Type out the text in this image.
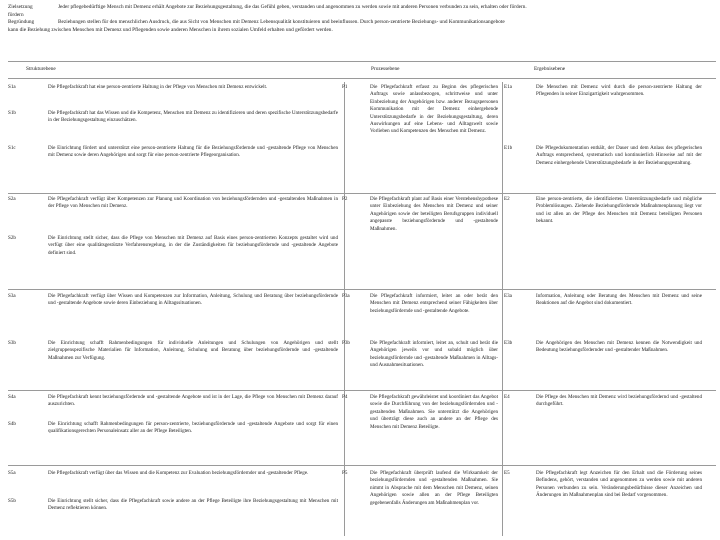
Zielsetzung	Jeder pflegebedürftige Mensch mit Demenz erhält Angebote zur Beziehungsgestaltung, die das Gefühl geben, verstanden und angenommen zu werden sowie mit anderen Personen verbunden zu sein, erhalten oder fördern.
fördern
Begründung	Beziehungen stellen für den menschlichen Ausdruck, die aus Sicht von Menschen mit Demenz Lebensqualität konstituieren und beeinflussen. Durch person-zentrierte Beziehungs- und Kommunikationsangebote
kann die Beziehung zwischen Menschen mit Demenz und Pflegenden sowie anderen Menschen in ihrem sozialen Umfeld erhalten und gefördert werden.
Strukturebene	Prozessebene	Ergebnisebene
S1a	Die Pflegefachkraft hat eine person-zentrierte Haltung in der Pflege von Menschen mit Demenz entwickelt.	P1	Die Pflegefachkraft erfasst zu Beginn des pflegerischen Auftrags sowie anlassbezogen, schrittweise und unter Einbeziehung der Angehörigen bzw. anderer Bezugspersonen Kommunikation mit der Demenz einhergehende Unterstützungsbedarfe in der Beziehungsgestaltung, deren Auswirkungen auf eine Lebens- und Alltagswelt sowie Vorlieben und Kompetenzen des Menschen mit Demenz.
E1a	Die Menschen mit Demenz wird durch die person-zentrierte Haltung der Pflegenden in seiner Einzigartigkeit wahrgenommen.
S1b	Die Pflegefachkraft hat das Wissen und die Kompetenz, Menschen mit Demenz zu identifizieren und deren spezifische Unterstützungsbedarfe in der Beziehungsgestaltung einzuschätzen.
S1c	Die Einrichtung fördert und unterstützt eine person-zentrierte Haltung für die Beziehungsfördernde und -gestaltende Pflege von Menschen mit Demenz sowie deren Angehörigen und sorgt für eine person-zentrierte Pflegeorganisation.
E1b	Die Pflegedokumentation enthält, der Dauer und dem Anlass des pflegerischen Auftrags entsprechend, systematisch und kontinuierlich Hinweise auf mit der Demenz einhergehende Unterstützungsbedarfe in der Beziehungsgestaltung.
S2a	Die Pflegefachkraft verfügt über Kompetenzen zur Planung und Koordination von beziehungsfördernden und -gestaltenden Maßnahmen in der Pflege von Menschen mit Demenz.
P2	Die Pflegefachkraft plant auf Basis einer Verstehenshypothese unter Einbeziehung des Menschen mit Demenz und seiner Angehörigen sowie der beteiligten Berufsgruppen individuell angepasste beziehungsfördernde und -gestaltende Maßnahmen.
E2	Eine person-zentrierte, die identifizierten Unterstützungsbedarfe und mögliche Problemlösungen. Ziehende Beziehungsfördernde Maßnahmenplanung liegt vor und ist allen an der Pflege des Menschen mit Demenz beteiligten Personen bekannt.
S2b	Die Einrichtung stellt sicher, dass die Pflege von Menschen mit Demenz auf Basis eines person-zentrierten Konzepts gestaltet wird und verfügt über eine qualitätsgestützte Verfahrensregelung, in der die Zuständigkeiten für beziehungsfördernde und -gestaltende Angebote definiert sind.
S3a	Die Pflegefachkraft verfügt über Wissen und Kompetenzen zur Information, Anleitung, Schulung und Beratung über beziehungsfördernde und -gestaltende Angebote sowie deren Einbeziehung in Alltagssituationen.
P3a	Die Pflegefachkraft informiert, leitet an oder berät den Menschen mit Demenz entsprechend seiner Fähigkeiten über beziehungsfördernde und -gestaltende Angebote.
E3a	Information, Anleitung oder Beratung des Menschen mit Demenz und seine Reaktionen auf die Angebot sind dokumentiert.
S3b	Die Einrichtung schafft Rahmenbedingungen für individuelle Anleitungen und Schulungen von Angehörigen und stellt zielgruppenspezifische Materialien für Information, Anleitung, Schulung und Beratung über beziehungsfördernde und -gestaltende Maßnahmen zur Verfügung.
P3b	Die Pflegefachkraft informiert, leitet an, schult und berät die Angehörigen jeweils vor und sobald möglich über beziehungsfördernde und -gestaltende Maßnahmen in Alltags- und Ausnahmesituationen.
E3b	Die Angehörigen des Menschen mit Demenz kennen die Notwendigkeit und Bedeutung beziehungsfördernder und -gestaltender Maßnahmen.
S4a	Die Pflegefachkraft kennt beziehungsfördernde und -gestaltende Angebote und ist in der Lage, die Pflege von Menschen mit Demenz darauf auszurichten.
P4	Die Pflegefachkraft gewährleistet und koordiniert das Angebot sowie die Durchführung von der beziehungsfördernden und -gestaltenden Maßnahmen. Sie unterstützt die Angehörigen und überträgt diese auch an andere an der Pflege des Menschen mit Demenz Beteiligte.
E4	Die Pflege des Menschen mit Demenz wird beziehungsfördernd und -gestaltend durchgeführt.
S4b	Die Einrichtung schafft Rahmenbedingungen für person-zentrierte, beziehungsfördernde und -gestaltende Angebote und sorgt für einen qualifikationsgerechten Personaleinsatz aller an der Pflege Beteiligten.
S5a	Die Pflegefachkraft verfügt über das Wissen und die Kompetenz zur Evaluation beziehungsfördernder und -gestaltender Pflege.	P5	Die Pflegefachkraft überprüft laufend die Wirksamkeit der beziehungsfördernden und -gestaltenden Maßnahmen. Sie nimmt in Absprache mit dem Menschen mit Demenz, seinen Angehörigen sowie allen an der Pflege Beteiligten gegebenenfalls Änderungen am Maßnahmenplan vor.
E5	Die Pflegefachkraft legt Anzeichen für den Erhalt und die Förderung seines Befindens, gehört, verstanden und angenommen zu werden sowie mit anderen Personen verbunden zu sein. Veränderungsbedürfnisse dieser Anzeichen und Änderungen im Maßnahmenplan sind bei Bedarf vorgenommen.
S5b	Die Einrichtung stellt sicher, dass die Pflegefachkraft sowie andere an der Pflege Beteiligte ihre Beziehungsgestaltung mit Menschen mit Demenz reflektieren können.
